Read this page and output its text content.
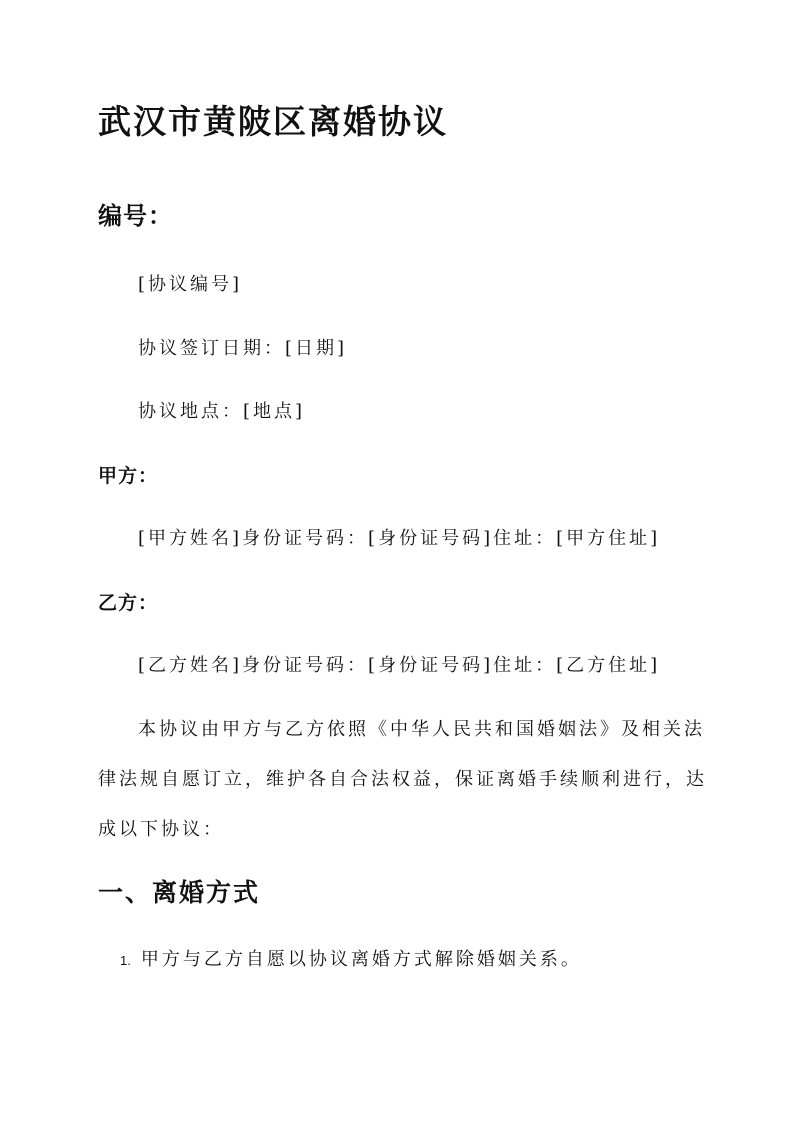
武汉市黄陂区离婚协议
编号：
[协议编号]
协议签订日期：[日期]
协议地点：[地点]
甲方：
[甲方姓名]身份证号码：[身份证号码]住址：[甲方住址]
乙方：
[乙方姓名]身份证号码：[身份证号码]住址：[乙方住址]
本协议由甲方与乙方依照《中华人民共和国婚姻法》及相关法
律法规自愿订立，维护各自合法权益，保证离婚手续顺利进行，达
成以下协议：
一、离婚方式
1. 甲方与乙方自愿以协议离婚方式解除婚姻关系。
